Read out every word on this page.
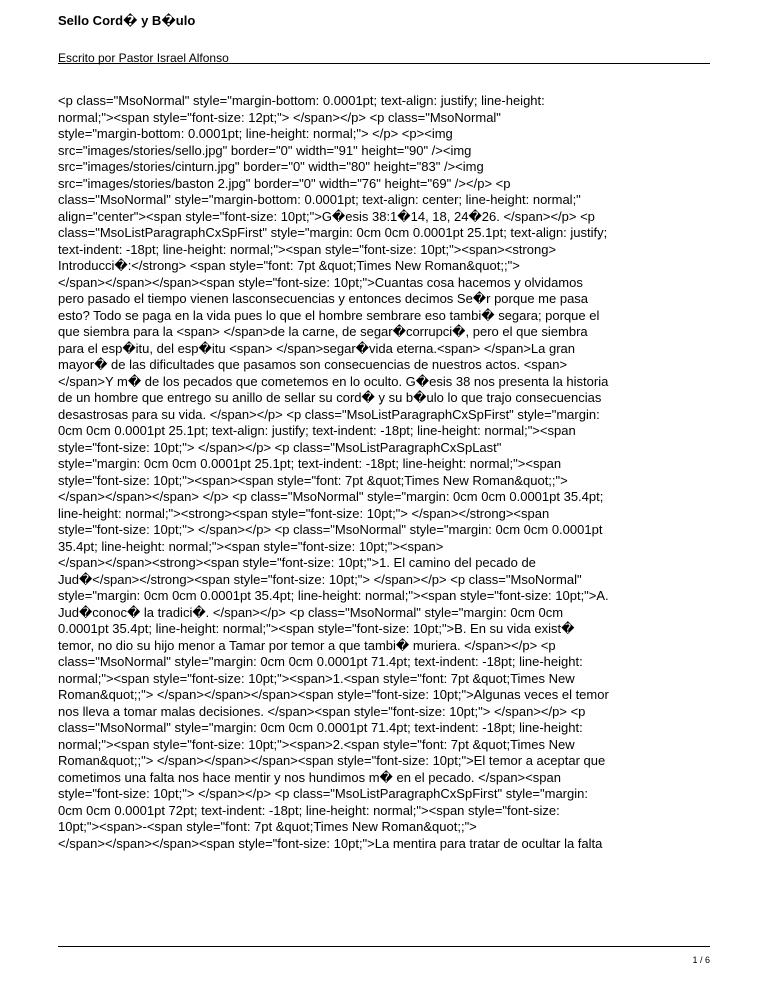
Sello Cord� y B�ulo
Escrito por Pastor Israel Alfonso
<p class="MsoNormal" style="margin-bottom: 0.0001pt; text-align: justify; line-height:
normal;"><span style="font-size: 12pt;"> </span></p> <p class="MsoNormal"
style="margin-bottom: 0.0001pt; line-height: normal;"> </p> <p><img
src="images/stories/sello.jpg" border="0" width="91" height="90" /><img
src="images/stories/cinturn.jpg" border="0" width="80" height="83" /><img
src="images/stories/baston 2.jpg" border="0" width="76" height="69" /></p> <p
class="MsoNormal" style="margin-bottom: 0.0001pt; text-align: center; line-height: normal;"
align="center"><span style="font-size: 10pt;">G�esis 38:1�14, 18, 24�26. </span></p> <p
class="MsoListParagraphCxSpFirst" style="margin: 0cm 0cm 0.0001pt 25.1pt; text-align: justify;
text-indent: -18pt; line-height: normal;"><span style="font-size: 10pt;"><span><strong>
Introducci�:</strong> <span style="font: 7pt &quot;Times New Roman&quot;;">
</span></span></span><span style="font-size: 10pt;">Cuantas cosa hacemos y olvidamos
pero pasado el tiempo vienen lasconsecuencias y entonces decimos Se�r porque me pasa
esto? Todo se paga en la vida pues lo que el hombre sembrare eso tambi� segara; porque el
que siembra para la <span> </span>de la carne, de segar�corrupci�, pero el que siembra
para el esp�itu, del esp�itu <span> </span>segar�vida eterna.<span> </span>La gran
mayor� de las dificultades que pasamos son consecuencias de nuestros actos. <span>
</span>Y m� de los pecados que cometemos en lo oculto. G�esis 38 nos presenta la historia
de un hombre que entrego su anillo de sellar su cord� y su b�ulo lo que trajo consecuencias
desastrosas para su vida. </span></p> <p class="MsoListParagraphCxSpFirst" style="margin:
0cm 0cm 0.0001pt 25.1pt; text-align: justify; text-indent: -18pt; line-height: normal;"><span
style="font-size: 10pt;"> </span></p> <p class="MsoListParagraphCxSpLast"
style="margin: 0cm 0cm 0.0001pt 25.1pt; text-indent: -18pt; line-height: normal;"><span
style="font-size: 10pt;"><span><span style="font: 7pt &quot;Times New Roman&quot;;">
</span></span></span> </p> <p class="MsoNormal" style="margin: 0cm 0cm 0.0001pt 35.4pt;
line-height: normal;"><strong><span style="font-size: 10pt;"> </span></strong><span
style="font-size: 10pt;"> </span></p> <p class="MsoNormal" style="margin: 0cm 0cm 0.0001pt
35.4pt; line-height: normal;"><span style="font-size: 10pt;"><span>
</span></span><strong><span style="font-size: 10pt;">1. El camino del pecado de
Jud�</span></strong><span style="font-size: 10pt;"> </span></p> <p class="MsoNormal"
style="margin: 0cm 0cm 0.0001pt 35.4pt; line-height: normal;"><span style="font-size: 10pt;">A.
Jud�conoc� la tradici�. </span></p> <p class="MsoNormal" style="margin: 0cm 0cm
0.0001pt 35.4pt; line-height: normal;"><span style="font-size: 10pt;">B. En su vida exist�
temor, no dio su hijo menor a Tamar por temor a que tambi� muriera. </span></p> <p
class="MsoNormal" style="margin: 0cm 0cm 0.0001pt 71.4pt; text-indent: -18pt; line-height:
normal;"><span style="font-size: 10pt;"><span>1.<span style="font: 7pt &quot;Times New
Roman&quot;;"> </span></span></span><span style="font-size: 10pt;">Algunas veces el temor
nos lleva a tomar malas decisiones. </span><span style="font-size: 10pt;"> </span></p> <p
class="MsoNormal" style="margin: 0cm 0cm 0.0001pt 71.4pt; text-indent: -18pt; line-height:
normal;"><span style="font-size: 10pt;"><span>2.<span style="font: 7pt &quot;Times New
Roman&quot;;"> </span></span></span><span style="font-size: 10pt;">El temor a aceptar que
cometimos una falta nos hace mentir y nos hundimos m� en el pecado. </span><span
style="font-size: 10pt;"> </span></p> <p class="MsoListParagraphCxSpFirst" style="margin:
0cm 0cm 0.0001pt 72pt; text-indent: -18pt; line-height: normal;"><span style="font-size:
10pt;"><span>-<span style="font: 7pt &quot;Times New Roman&quot;;">
</span></span></span><span style="font-size: 10pt;">La mentira para tratar de ocultar la falta
1 / 6
